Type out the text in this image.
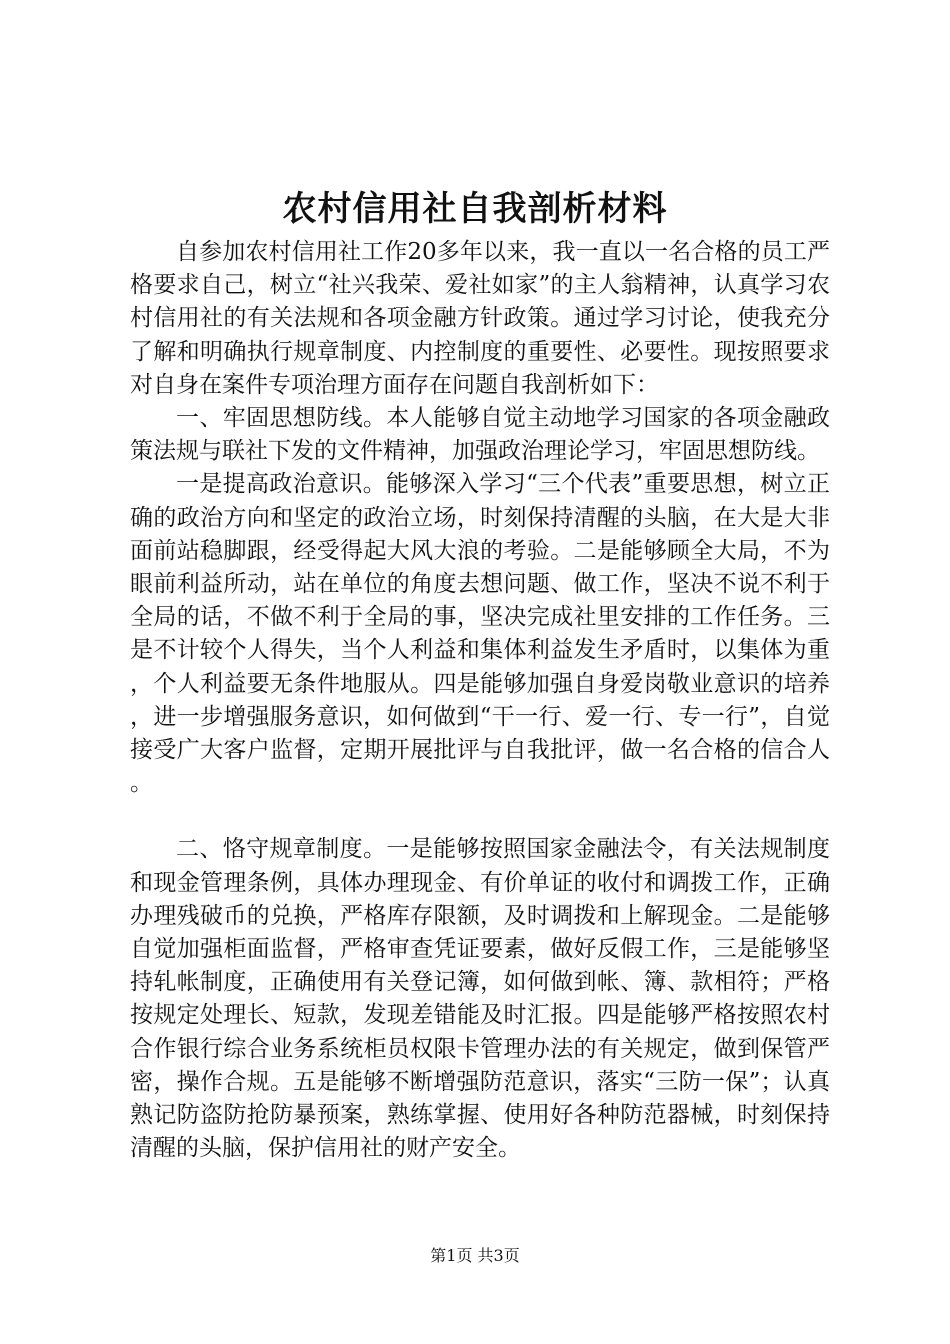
农村信用社自我剖析材料

自参加农村信用社工作20多年以来，我一直以一名合格的员工严格要求自己，树立“社兴我荣、爱社如家”的主人翁精神，认真学习农村信用社的有关法规和各项金融方针政策。通过学习讨论，使我充分了解和明确执行规章制度、内控制度的重要性、必要性。现按照要求对自身在案件专项治理方面存在问题自我剖析如下：

一、牢固思想防线。本人能够自觉主动地学习国家的各项金融政策法规与联社下发的文件精神，加强政治理论学习，牢固思想防线。

一是提高政治意识。能够深入学习“三个代表”重要思想，树立正确的政治方向和坚定的政治立场，时刻保持清醒的头脑，在大是大非面前站稳脚跟，经受得起大风大浪的考验。二是能够顾全大局，不为眼前利益所动，站在单位的角度去想问题、做工作，坚决不说不利于全局的话，不做不利于全局的事，坚决完成社里安排的工作任务。三是不计较个人得失，当个人利益和集体利益发生矛盾时，以集体为重，个人利益要无条件地服从。四是能够加强自身爱岗敬业意识的培养，进一步增强服务意识，如何做到“干一行、爱一行、专一行”，自觉接受广大客户监督，定期开展批评与自我批评，做一名合格的信合人。

二、恪守规章制度。一是能够按照国家金融法令，有关法规制度和现金管理条例，具体办理现金、有价单证的收付和调拨工作，正确办理残破币的兑换，严格库存限额，及时调拨和上解现金。二是能够自觉加强柜面监督，严格审查凭证要素，做好反假工作，三是能够坚持轧帐制度，正确使用有关登记簿，如何做到帐、簿、款相符；严格按规定处理长、短款，发现差错能及时汇报。四是能够严格按照农村合作银行综合业务系统柜员权限卡管理办法的有关规定，做到保管严密，操作合规。五是能够不断增强防范意识，落实“三防一保”；认真熟记防盗防抢防暴预案，熟练掌握、使用好各种防范器械，时刻保持清醒的头脑，保护信用社的财产安全。

第1页 共3页
